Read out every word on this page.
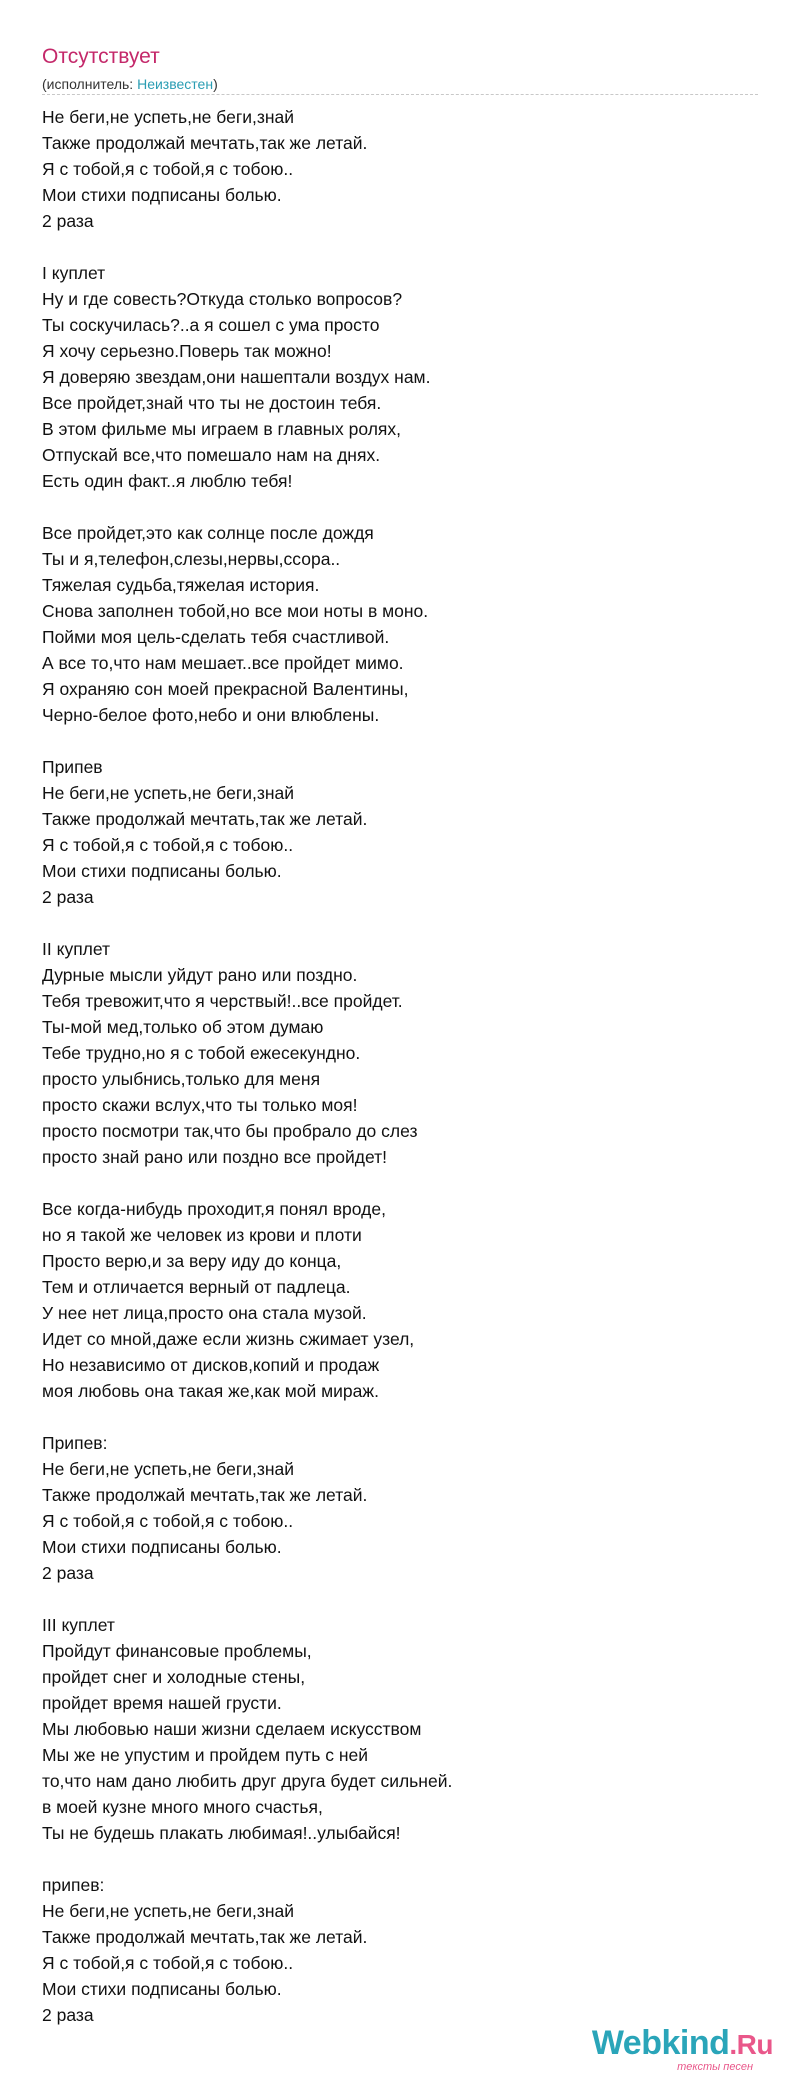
Отсутствует
(исполнитель: Неизвестен)
Не беги,не успеть,не беги,знай
Также продолжай мечтать,так же летай.
Я с тобой,я с тобой,я с тобою..
Мои стихи подписаны болью.
2 раза
I куплет
Ну и где совесть?Откуда столько вопросов?
Ты соскучилась?..а я сошел с ума просто
Я хочу серьезно.Поверь так можно!
Я доверяю звездам,они нашептали воздух нам.
Все пройдет,знай что ты не достоин тебя.
В этом фильме мы играем в главных ролях,
Отпускай все,что помешало нам на днях.
Есть один факт..я люблю тебя!
Все пройдет,это как солнце после дождя
Ты и я,телефон,слезы,нервы,ссора..
Тяжелая судьба,тяжелая история.
Снова заполнен тобой,но все мои ноты в моно.
Пойми моя цель-сделать тебя счастливой.
А все то,что нам мешает..все пройдет мимо.
Я охраняю сон моей прекрасной Валентины,
Черно-белое фото,небо и они влюблены.
Припев
Не беги,не успеть,не беги,знай
Также продолжай мечтать,так же летай.
Я с тобой,я с тобой,я с тобою..
Мои стихи подписаны болью.
2 раза
II куплет
Дурные мысли уйдут рано или поздно.
Тебя тревожит,что я черствый!..все пройдет.
Ты-мой мед,только об этом думаю
Тебе трудно,но я с тобой ежесекундно.
просто улыбнись,только для меня
просто скажи вслух,что ты только моя!
просто посмотри так,что бы пробрало до слез
просто знай рано или поздно все пройдет!
Все когда-нибудь проходит,я понял вроде,
но я такой же человек из крови и плоти
Просто верю,и за веру иду до конца,
Тем и отличается верный от падлеца.
У нее нет лица,просто она стала музой.
Идет со мной,даже если жизнь сжимает узел,
Но независимо от дисков,копий и продаж
моя любовь она такая же,как мой мираж.
Припев:
Не беги,не успеть,не беги,знай
Также продолжай мечтать,так же летай.
Я с тобой,я с тобой,я с тобою..
Мои стихи подписаны болью.
2 раза
III куплет
Пройдут финансовые проблемы,
пройдет снег и холодные стены,
пройдет время нашей грусти.
Мы любовью наши жизни сделаем искусством
Мы же не упустим и пройдем путь с ней
то,что нам дано любить друг друга будет сильней.
в моей кузне много много счастья,
Ты не будешь плакать любимая!..улыбайся!
припев:
Не беги,не успеть,не беги,знай
Также продолжай мечтать,так же летай.
Я с тобой,я с тобой,я с тобою..
Мои стихи подписаны болью.
2 раза
Webkind.Ru
тексты песен
